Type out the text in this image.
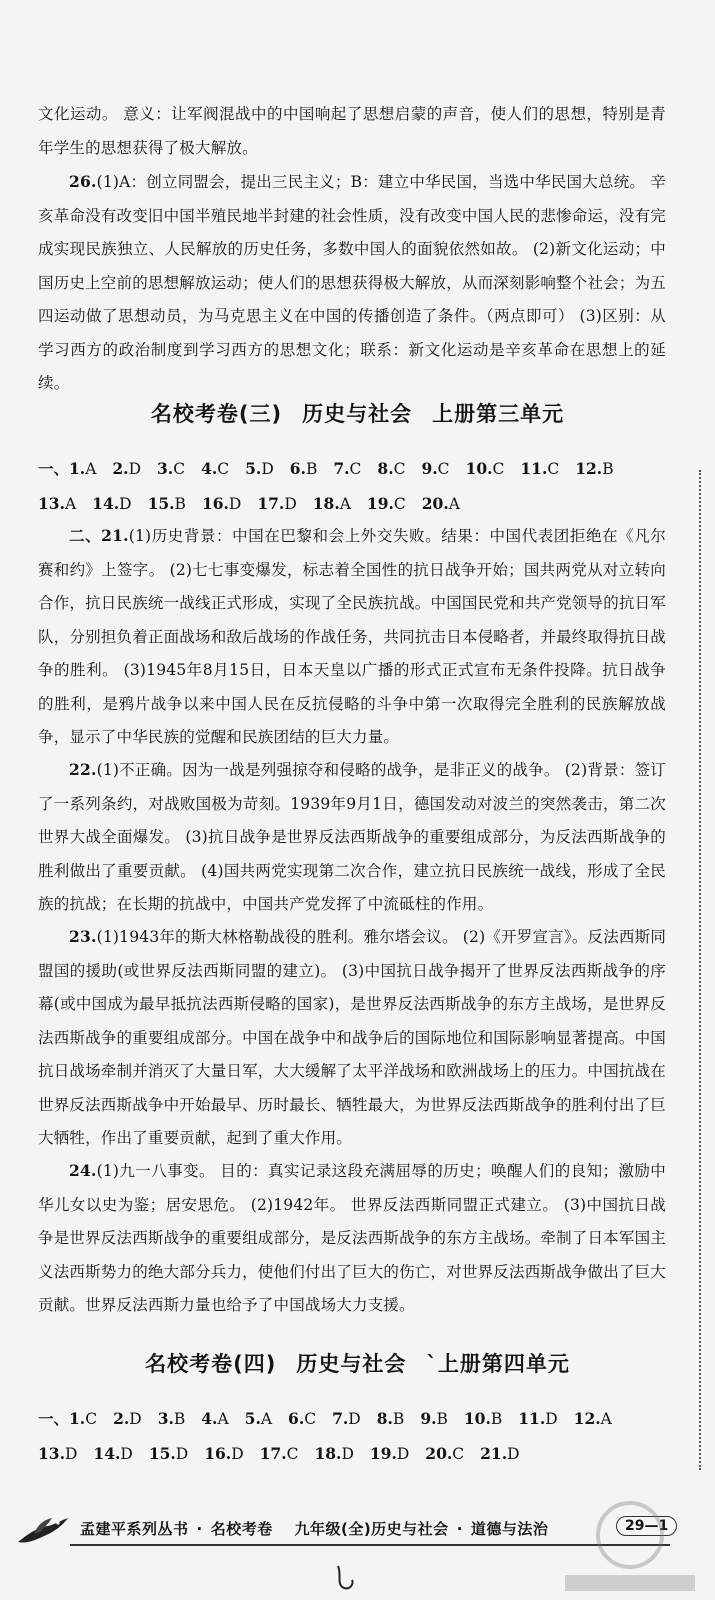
文化运动。 意义：让军阀混战中的中国响起了思想启蒙的声音，使人们的思想，特别是青年学生的思想获得了极大解放。

26.(1)A：创立同盟会，提出三民主义；B：建立中华民国，当选中华民国大总统。 辛亥革命没有改变旧中国半殖民地半封建的社会性质，没有改变中国人民的悲惨命运，没有完成实现民族独立、人民解放的历史任务，多数中国人的面貌依然如故。 (2)新文化运动；中国历史上空前的思想解放运动；使人们的思想获得极大解放，从而深刻影响整个社会；为五四运动做了思想动员，为马克思主义在中国的传播创造了条件。（两点即可） (3)区别：从学习西方的政治制度到学习西方的思想文化；联系：新文化运动是辛亥革命在思想上的延续。

名校考卷(三) 历史与社会 上册第三单元
一、1.A 2.D 3.C 4.C 5.D 6.B 7.C 8.C 9.C 10.C 11.C 12.B
13.A 14.D 15.B 16.D 17.D 18.A 19.C 20.A

二、21.(1)历史背景：中国在巴黎和会上外交失败。结果：中国代表团拒绝在《凡尔赛和约》上签字。 (2)七七事变爆发，标志着全国性的抗日战争开始；国共两党从对立转向合作，抗日民族统一战线正式形成，实现了全民族抗战。中国国民党和共产党领导的抗日军队，分别担负着正面战场和敌后战场的作战任务，共同抗击日本侵略者，并最终取得抗日战争的胜利。 (3)1945年8月15日，日本天皇以广播的形式正式宣布无条件投降。抗日战争的胜利，是鸦片战争以来中国人民在反抗侵略的斗争中第一次取得完全胜利的民族解放战争，显示了中华民族的觉醒和民族团结的巨大力量。

22.(1)不正确。因为一战是列强掠夺和侵略的战争，是非正义的战争。 (2)背景：签订了一系列条约，对战败国极为苛刻。1939年9月1日，德国发动对波兰的突然袭击，第二次世界大战全面爆发。 (3)抗日战争是世界反法西斯战争的重要组成部分，为反法西斯战争的胜利做出了重要贡献。 (4)国共两党实现第二次合作，建立抗日民族统一战线，形成了全民族的抗战；在长期的抗战中，中国共产党发挥了中流砥柱的作用。

23.(1)1943年的斯大林格勒战役的胜利。雅尔塔会议。 (2)《开罗宣言》。反法西斯同盟国的援助(或世界反法西斯同盟的建立)。 (3)中国抗日战争揭开了世界反法西斯战争的序幕(或中国成为最早抵抗法西斯侵略的国家)，是世界反法西斯战争的东方主战场，是世界反法西斯战争的重要组成部分。中国在战争中和战争后的国际地位和国际影响显著提高。中国抗日战场牵制并消灭了大量日军，大大缓解了太平洋战场和欧洲战场上的压力。中国抗战在世界反法西斯战争中开始最早、历时最长、牺牲最大，为世界反法西斯战争的胜利付出了巨大牺牲，作出了重要贡献，起到了重大作用。

24.(1)九一八事变。 目的：真实记录这段充满屈辱的历史；唤醒人们的良知；激励中华儿女以史为鉴；居安思危。 (2)1942年。 世界反法西斯同盟正式建立。 (3)中国抗日战争是世界反法西斯战争的重要组成部分，是反法西斯战争的东方主战场。牵制了日本军国主义法西斯势力的绝大部分兵力，使他们付出了巨大的伤亡，对世界反法西斯战争做出了巨大贡献。世界反法西斯力量也给予了中国战场大力支援。

名校考卷(四) 历史与社会 `上册第四单元
一、1.C 2.D 3.B 4.A 5.A 6.C 7.D 8.B 9.B 10.B 11.D 12.A
13.D 14.D 15.D 16.D 17.C 18.D 19.D 20.C 21.D
孟建平系列丛书 · 名校考卷 九年级(全)历史与社会 · 道德与法治	29—1
